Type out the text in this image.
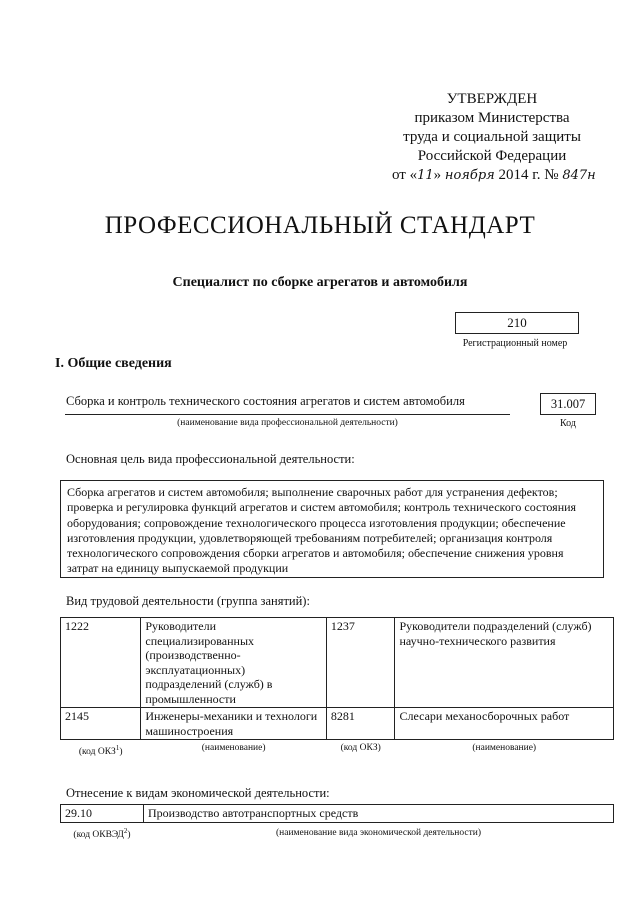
УТВЕРЖДЕН
приказом Министерства
труда и социальной защиты
Российской Федерации
от «11» ноября 2014 г. № 847н
ПРОФЕССИОНАЛЬНЫЙ СТАНДАРТ
Специалист по сборке агрегатов и автомобиля
210
Регистрационный номер
I. Общие сведения
Сборка и контроль технического состояния агрегатов и систем автомобиля
(наименование вида профессиональной деятельности)
31.007
Код
Основная цель вида профессиональной деятельности:
Сборка агрегатов и систем автомобиля; выполнение сварочных работ для устранения дефектов; проверка и регулировка функций агрегатов и систем автомобиля; контроль технического состояния оборудования; сопровождение технологического процесса изготовления продукции; обеспечение изготовления продукции, удовлетворяющей требованиям потребителей; организация контроля технологического сопровождения сборки агрегатов и автомобиля; обеспечение снижения уровня затрат на единицу выпускаемой продукции
Вид трудовой деятельности (группа занятий):
1222	Руководители специализированных (производственно-эксплуатационных) подразделений (служб) в промышленности	1237	Руководители подразделений (служб) научно-технического развития
2145	Инженеры-механики и технологи машиностроения	8281	Слесари механосборочных работ
(код ОКЗ$^1$)	(наименование)	(код ОКЗ)	(наименование)
Отнесение к видам экономической деятельности:
29.10	Производство автотранспортных средств
(код ОКВЭД$^2$)	(наименование вида экономической деятельности)
